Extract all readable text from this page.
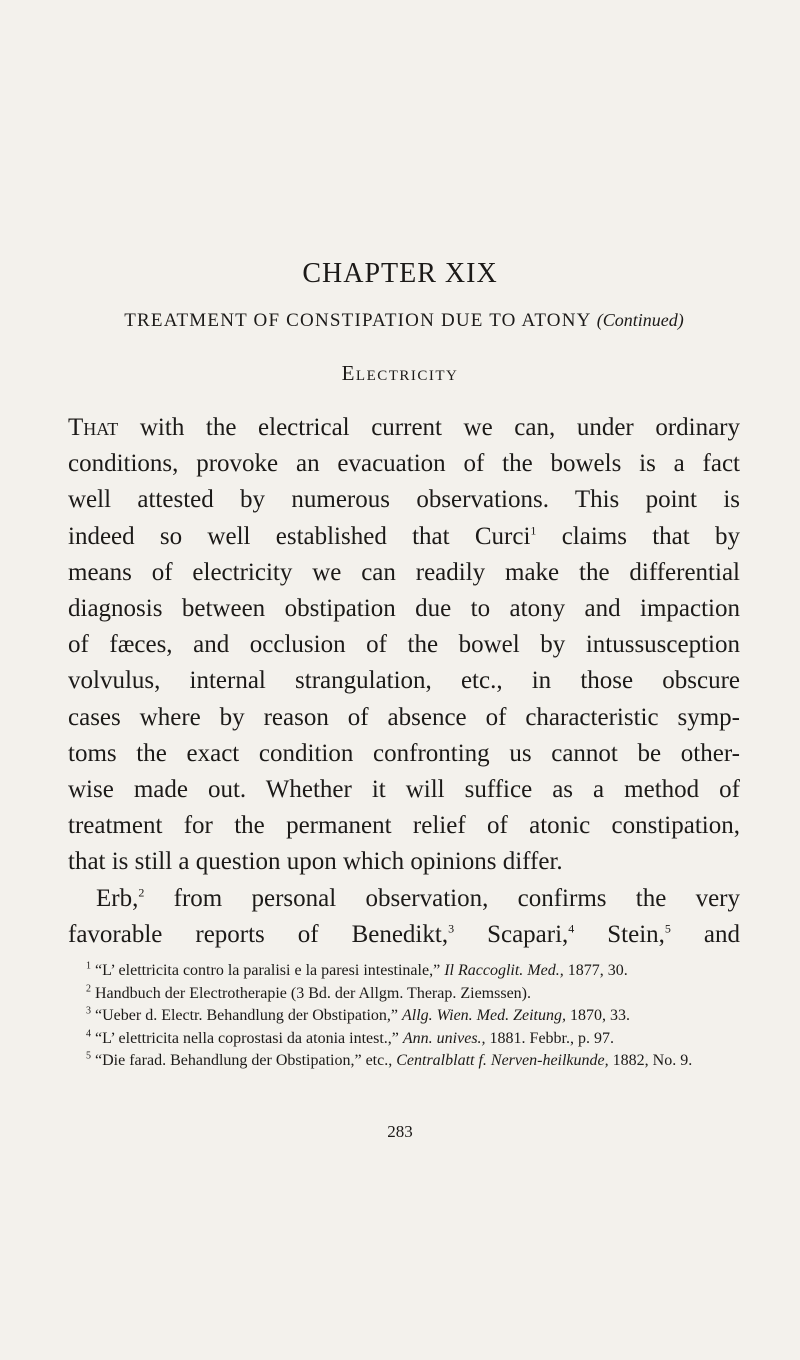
CHAPTER XIX
TREATMENT OF CONSTIPATION DUE TO ATONY (Continued)
Electricity
That with the electrical current we can, under ordinary
conditions, provoke an evacuation of the bowels is a fact
well attested by numerous observations. This point is
indeed so well established that Curci$^1$ claims that by
means of electricity we can readily make the differential
diagnosis between obstipation due to atony and impaction
of fæces, and occlusion of the bowel by intussusception
volvulus, internal strangulation, etc., in those obscure
cases where by reason of absence of characteristic symp-
toms the exact condition confronting us cannot be other-
wise made out. Whether it will suffice as a method of
treatment for the permanent relief of atonic constipation,
that is still a question upon which opinions differ.
Erb,$^2$ from personal observation, confirms the very
favorable reports of Benedikt,$^3$ Scapari,$^4$ Stein,$^5$ and
$^1$ “L’ elettricita contro la paralisi e la paresi intestinale,” Il Raccoglit. Med., 1877, 30.
$^2$ Handbuch der Electrotherapie (3 Bd. der Allgm. Therap. Ziemssen).
$^3$ “Ueber d. Electr. Behandlung der Obstipation,” Allg. Wien. Med. Zeitung, 1870, 33.
$^4$ “L’ elettricita nella coprostasi da atonia intest.,” Ann. unives., 1881. Febbr., p. 97.
$^5$ “Die farad. Behandlung der Obstipation,” etc., Centralblatt f. Nerven-heilkunde, 1882, No. 9.
283
